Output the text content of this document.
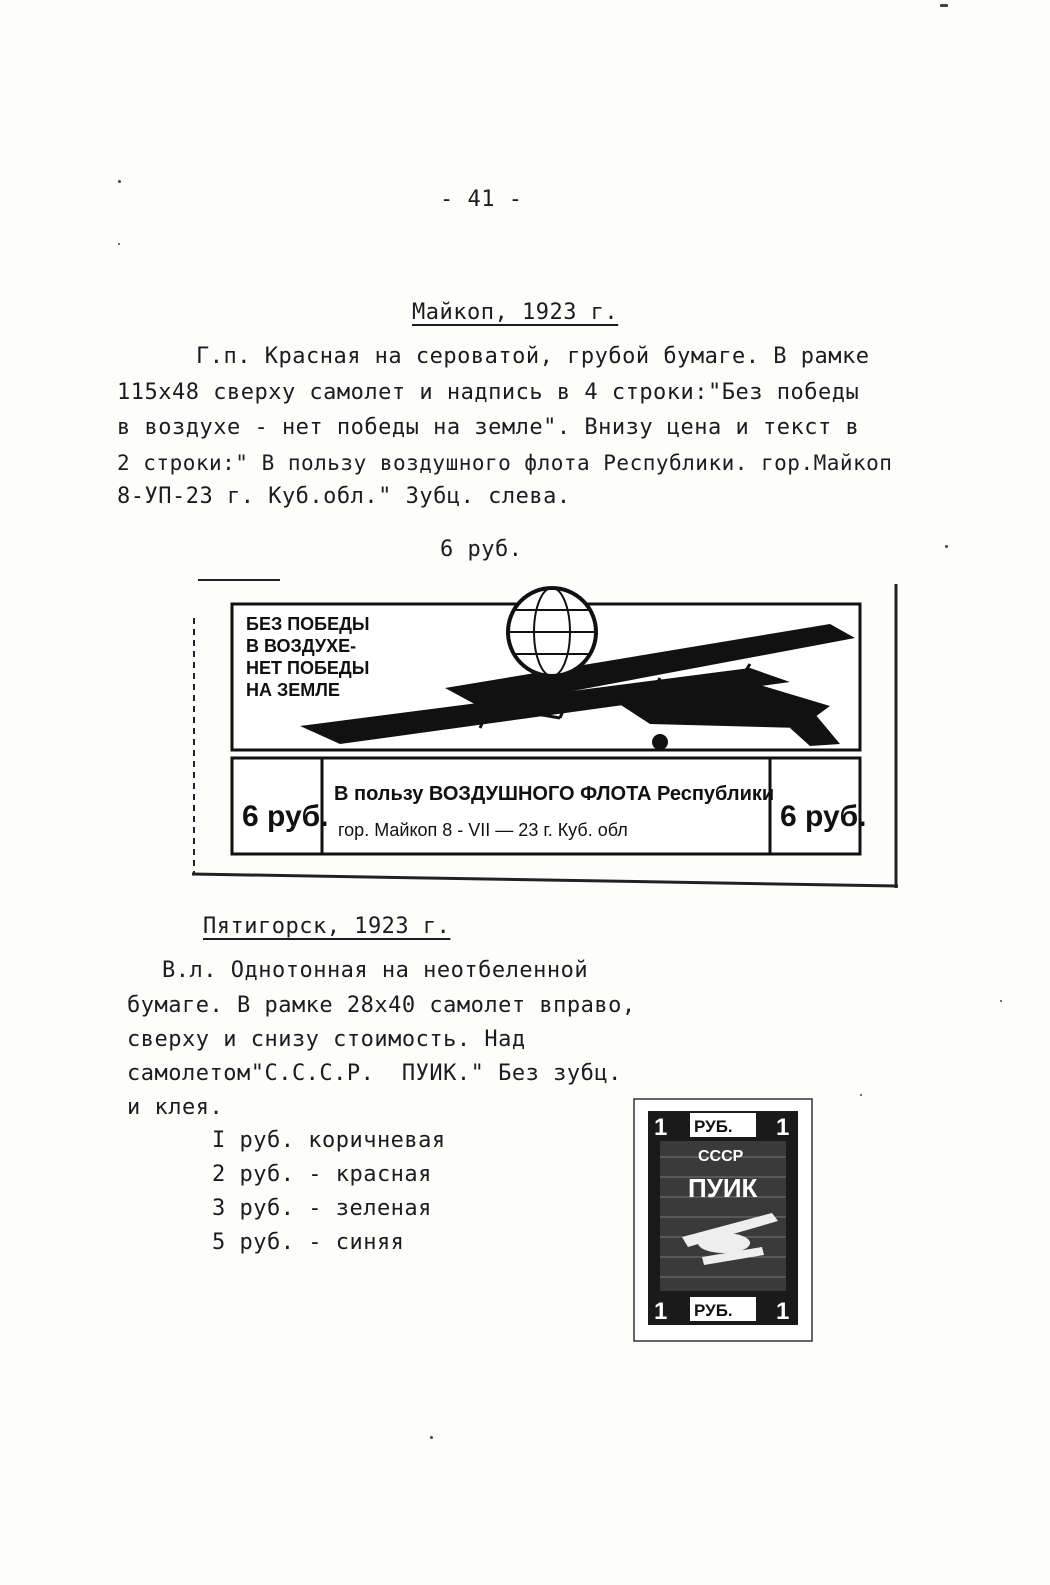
- 41 -
Майкоп, 1923 г.
Г.п. Красная на сероватой, грубой бумаге. В рамке
115х48 сверху самолет и надпись в 4 строки:"Без победы
в воздухе - нет победы на земле". Внизу цена и текст в
2 строки:" В пользу воздушного флота Республики. гор.Майкоп
8-УП-23 г. Куб.обл." Зубц. слева.
6 руб.
БЕЗ ПОБЕДЫ
В ВОЗДУХЕ-
НЕТ ПОБЕДЫ
НА ЗЕМЛЕ
6 руб.	6 руб.
В пользу ВОЗДУШНОГО ФЛОТА Республики
гор. Майкоп 8 - VII — 23 г. Куб. обл
Пятигорск, 1923 г.
В.л. Однотонная на неотбеленной
бумаге. В рамке 28х40 самолет вправо,
сверху и снизу стоимость. Над
самолетом"С.С.С.Р.  ПУИК." Без зубц.
и клея.
I руб. коричневая
2 руб. - красная
3 руб. - зеленая
5 руб. - синяя
1 РУБ. 1
СССР
ПУИК
1 РУБ. 1
